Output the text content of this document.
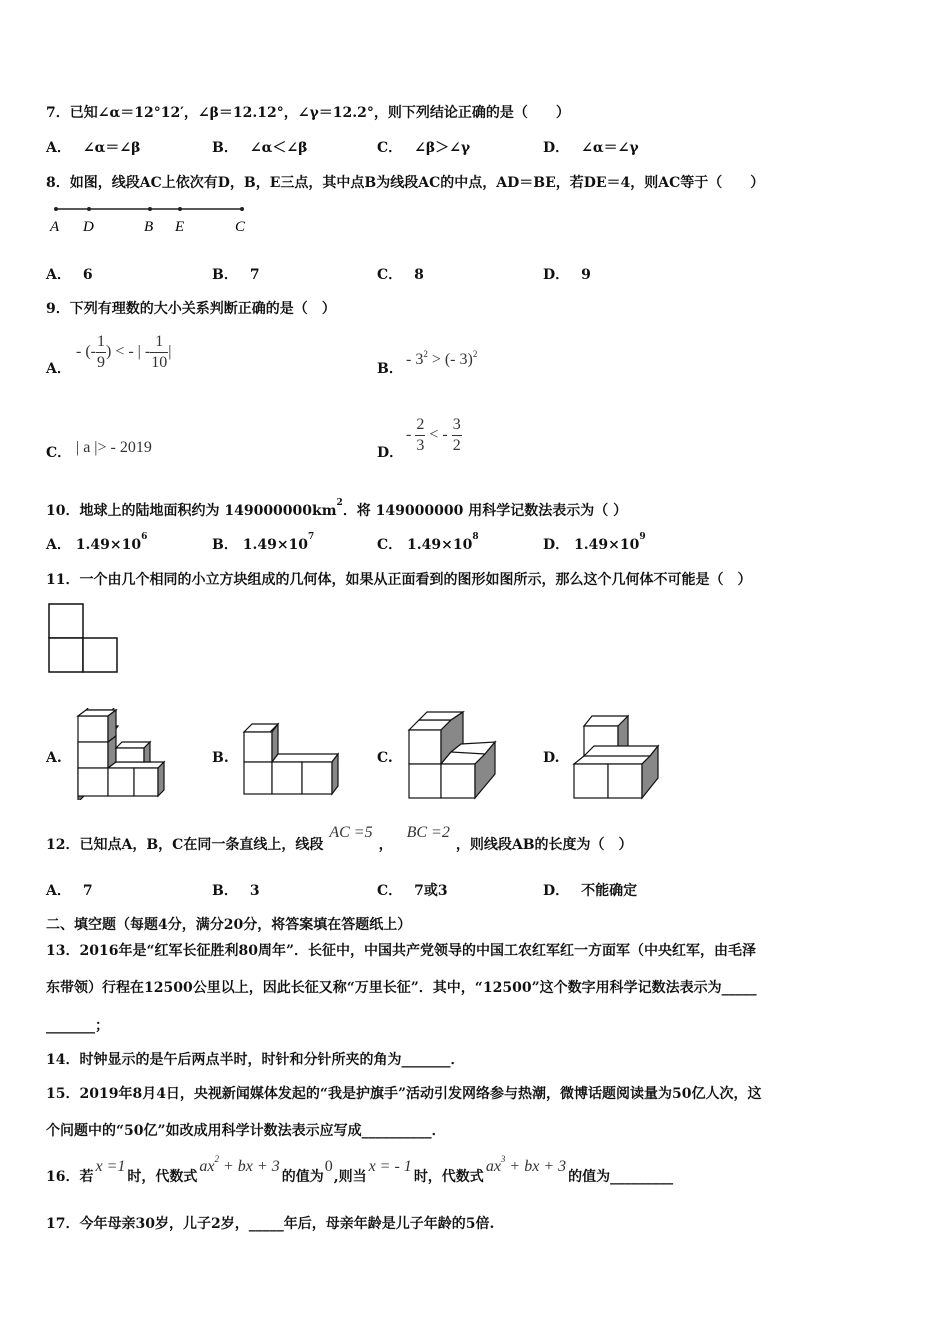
7．已知∠α＝12°12′，∠β＝12.12°，∠γ＝12.2°，则下列结论正确的是（　　）
A． ∠α＝∠β	B． ∠α＜∠β	C． ∠β＞∠γ	D． ∠α＝∠γ
8．如图，线段AC上依次有D，B，E三点，其中点B为线段AC的中点，AD＝BE，若DE＝4，则AC等于（　　）
A D	B E	C
A． 6	B． 7	C． 8	D． 9
9．下列有理数的大小关系判断正确的是（　）
A．
- (- $\frac{1}{9}$ ) < - | - $\frac{1}{10}$ |
B．
- $3^2$ > (- 3)$^2$
C． | a |> - 2019	D．
- $\frac{2}{3}$ < - $\frac{3}{2}$
10．地球上的陆地面积约为 $149000000km^2$．将 149000000 用科学记数法表示为（ ）
A． $1.49\times 10^6$	B． $1.49\times 10^7$	C． $1.49\times 10^8$	D． $1.49\times 10^9$
11．一个由几个相同的小立方块组成的几何体，如果从正面看到的图形如图所示，那么这个几何体不可能是（　）
A.	B.	C.	D.
12．已知点A，B，C在同一条直线上，线段AC =5，BC =2，则线段AB的长度为（　）
A． 7	B． 3	C． 7或3	D． 不能确定
二、填空题（每题4分，满分20分，将答案填在答题纸上）
13．2016年是“红军长征胜利80周年”．长征中，中国共产党领导的中国工农红军红一方面军（中央红军，由毛泽
东带领）行程在12500公里以上，因此长征又称“万里长征”．其中，“12500”这个数字用科学记数法表示为_____
_______；
14．时钟显示的是午后两点半时，时针和分针所夹的角为_______．
15．2019年8月4日，央视新闻媒体发起的“我是护旗手”活动引发网络参与热潮，微博话题阅读量为50亿人次，这
个问题中的“50亿”如改成用科学计数法表示应写成__________．
16．若x =1时，代数式$ax^2$ + bx + 3的值为0,则当x = - 1时，代数式$ax^3$ + bx + 3的值为_________
17．今年母亲30岁，儿子2岁，_____年后，母亲年龄是儿子年龄的5倍.
